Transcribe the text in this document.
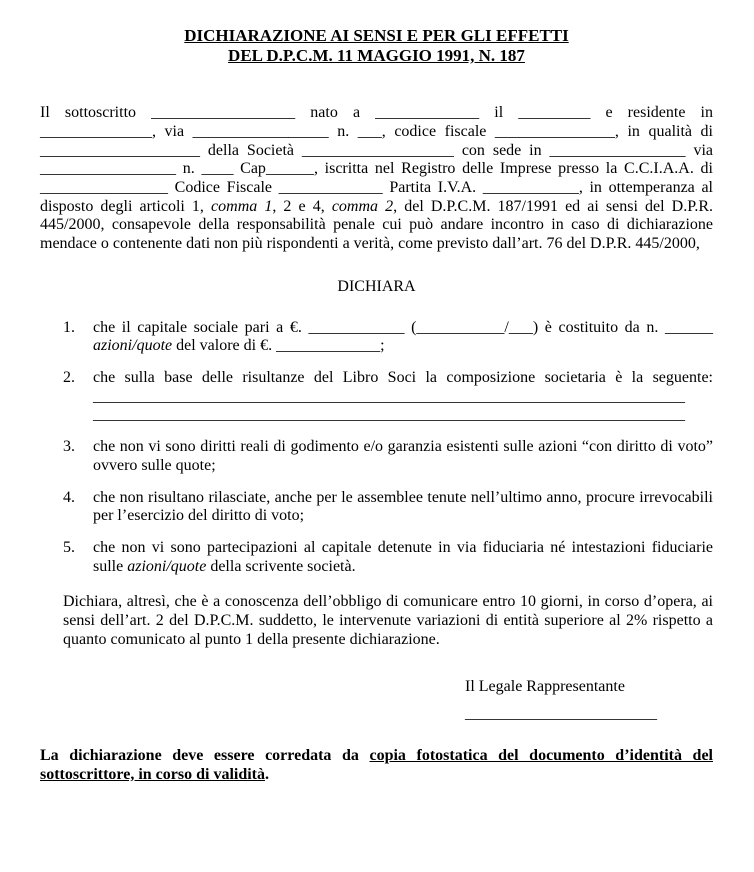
DICHIARAZIONE AI SENSI E PER GLI EFFETTI
DEL D.P.C.M. 11 MAGGIO 1991, N. 187

Il sottoscritto __________________ nato a _____________ il _________ e residente in ______________, via _________________ n. ___, codice fiscale _______________, in qualità di ____________________ della Società ___________________ con sede in _________________ via _________________ n. ____ Cap______, iscritta nel Registro delle Imprese presso la C.C.I.A.A. di ________________ Codice Fiscale _____________ Partita I.V.A. ____________, in ottemperanza al disposto degli articoli 1, comma 1, 2 e 4, comma 2, del D.P.C.M. 187/1991 ed ai sensi del D.P.R. 445/2000, consapevole della responsabilità penale cui può andare incontro in caso di dichiarazione mendace o contenente dati non più rispondenti a verità, come previsto dall’art. 76 del D.P.R. 445/2000,

DICHIARA
1.	che il capitale sociale pari a €. ____________ (___________/___) è costituito da n. ______ azioni/quote del valore di €. _____________;
2.	che sulla base delle risultanze del Libro Soci la composizione societaria è la seguente: __________________________________________________________________________ __________________________________________________________________________
3.	che non vi sono diritti reali di godimento e/o garanzia esistenti sulle azioni “con diritto di voto” ovvero sulle quote;
4.	che non risultano rilasciate, anche per le assemblee tenute nell’ultimo anno, procure irrevocabili per l’esercizio del diritto di voto;
5.	che non vi sono partecipazioni al capitale detenute in via fiduciaria né intestazioni fiduciarie sulle azioni/quote della scrivente società.

Dichiara, altresì, che è a conoscenza dell’obbligo di comunicare entro 10 giorni, in corso d’opera, ai sensi dell’art. 2 del D.P.C.M. suddetto, le intervenute variazioni di entità superiore al 2% rispetto a quanto comunicato al punto 1 della presente dichiarazione.

Il Legale Rappresentante
________________________

La dichiarazione deve essere corredata da copia fotostatica del documento d’identità del sottoscrittore, in corso di validità.
